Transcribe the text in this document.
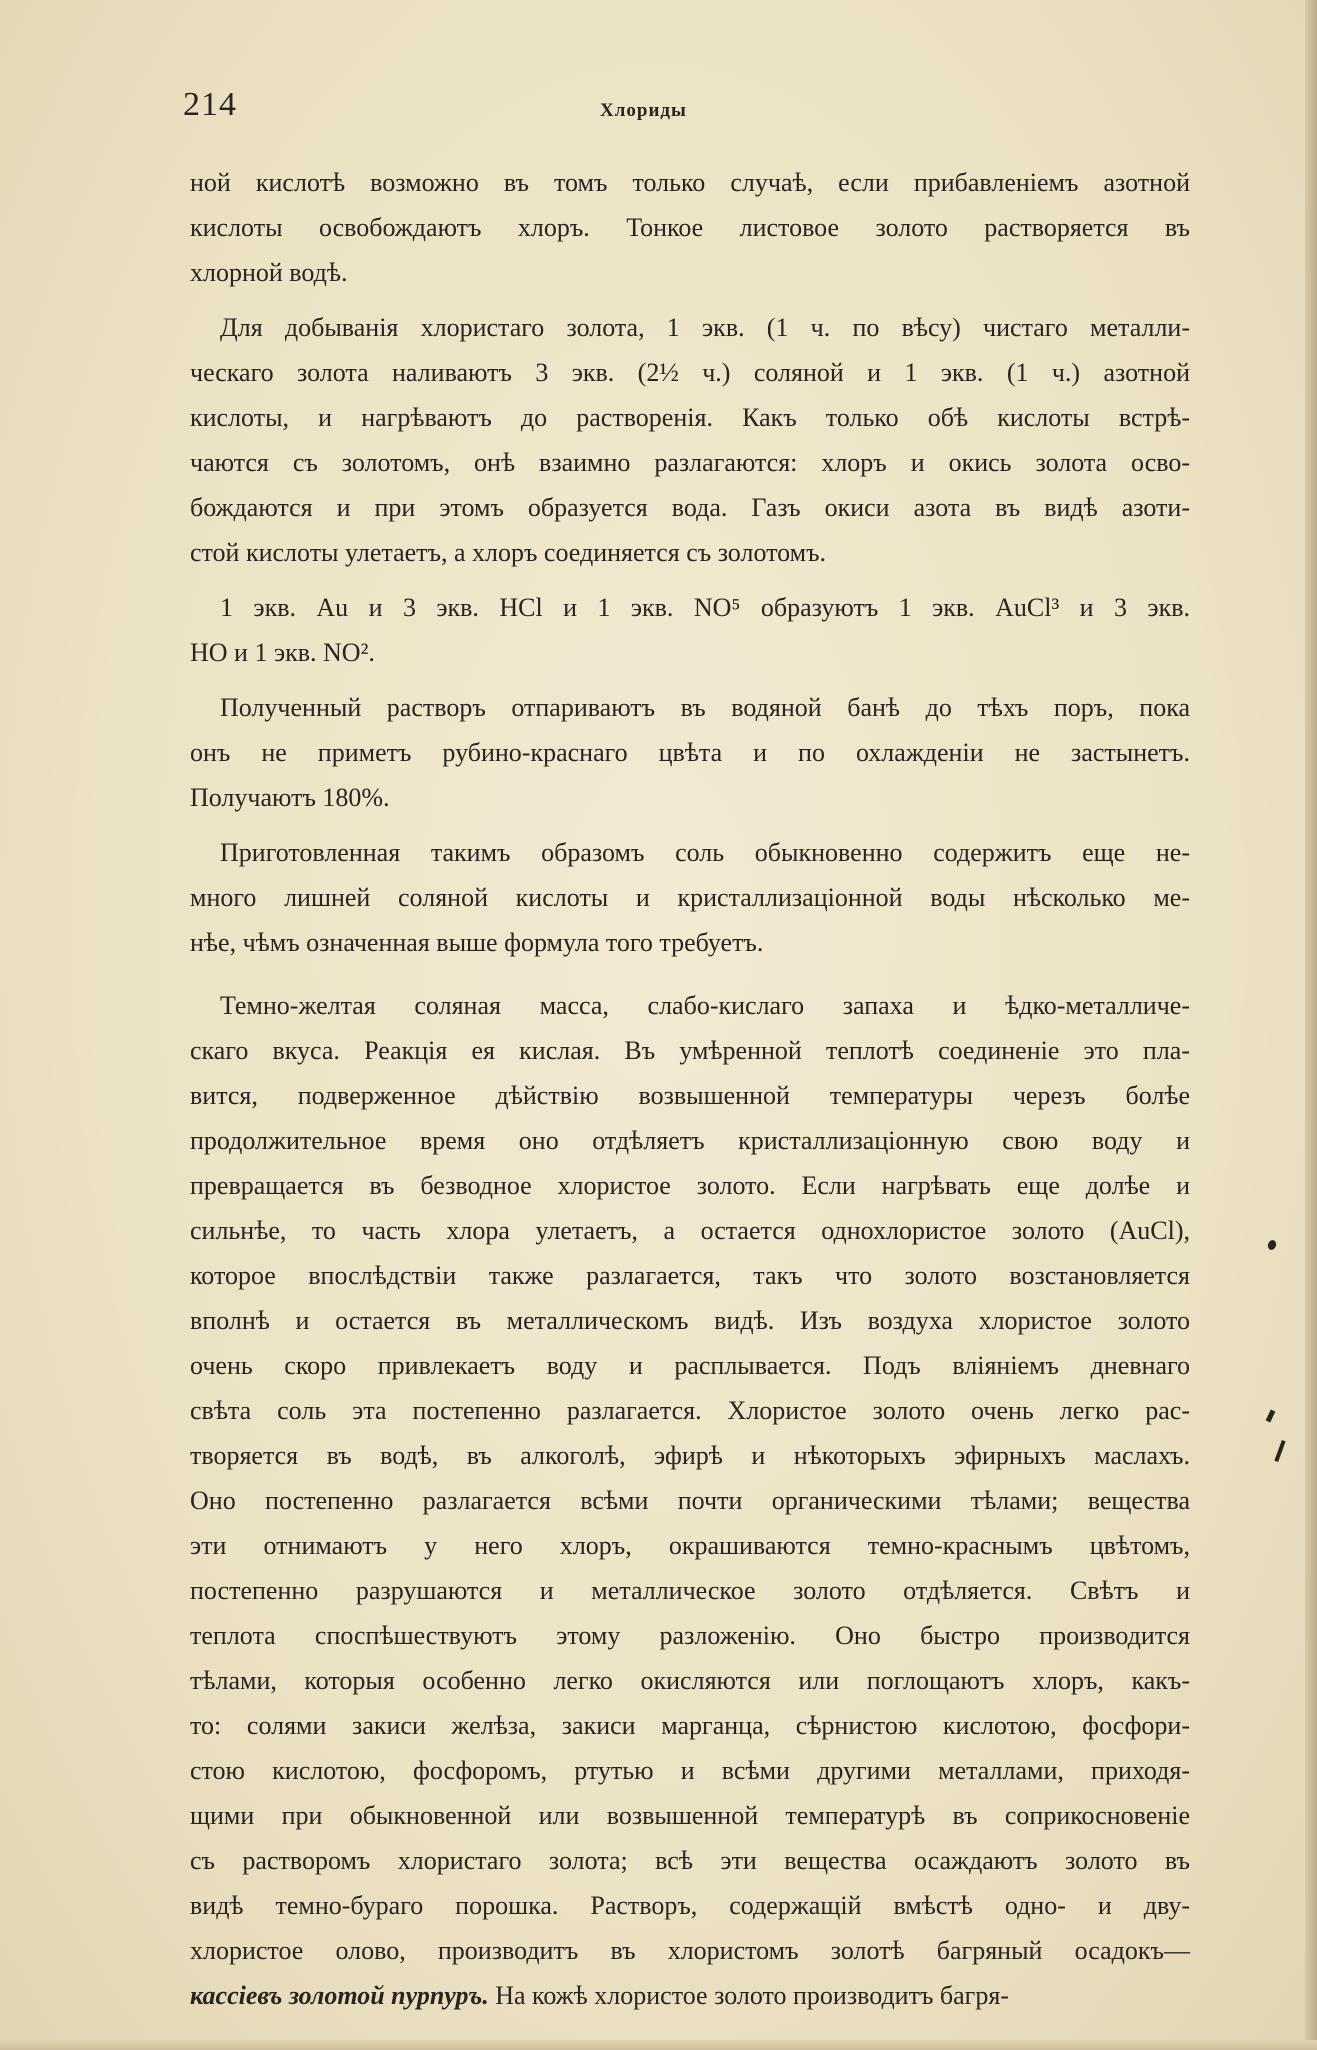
214	Хлориды
ной кислотѣ возможно въ томъ только случаѣ, если прибавленіемъ азотной
кислоты освобождаютъ хлоръ. Тонкое листовое золото растворяется въ
хлорной водѣ.
Для добыванія хлористаго золота, 1 экв. (1 ч. по вѣсу) чистаго металли-
ческаго золота наливаютъ 3 экв. (2½ ч.) соляной и 1 экв. (1 ч.) азотной
кислоты, и нагрѣваютъ до растворенія. Какъ только обѣ кислоты встрѣ-
чаются съ золотомъ, онѣ взаимно разлагаются: хлоръ и окись золота осво-
бождаются и при этомъ образуется вода. Газъ окиси азота въ видѣ азоти-
стой кислоты улетаетъ, а хлоръ соединяется съ золотомъ.
1 экв. Au и 3 экв. HCl и 1 экв. NO⁵ образуютъ 1 экв. AuCl³ и 3 экв.
HO и 1 экв. NO².
Полученный растворъ отпариваютъ въ водяной банѣ до тѣхъ поръ, пока
онъ не приметъ рубино-краснаго цвѣта и по охлажденіи не застынетъ.
Получаютъ 180%.
Приготовленная такимъ образомъ соль обыкновенно содержитъ еще не-
много лишней соляной кислоты и кристаллизаціонной воды нѣсколько ме-
нѣе, чѣмъ означенная выше формула того требуетъ.
Темно-желтая соляная масса, слабо-кислаго запаха и ѣдко-металличе-
скаго вкуса. Реакція ея кислая. Въ умѣренной теплотѣ соединеніе это пла-
вится, подверженное дѣйствію возвышенной температуры черезъ болѣе
продолжительное время оно отдѣляетъ кристаллизаціонную свою воду и
превращается въ безводное хлористое золото. Если нагрѣвать еще долѣе и
сильнѣе, то часть хлора улетаетъ, а остается однохлористое золото (AuCl),
которое впослѣдствіи также разлагается, такъ что золото возстановляется
вполнѣ и остается въ металлическомъ видѣ. Изъ воздуха хлористое золото
очень скоро привлекаетъ воду и расплывается. Подъ вліяніемъ дневнаго
свѣта соль эта постепенно разлагается. Хлористое золото очень легко рас-
творяется въ водѣ, въ алкоголѣ, эфирѣ и нѣкоторыхъ эфирныхъ маслахъ.
Оно постепенно разлагается всѣми почти органическими тѣлами; вещества
эти отнимаютъ у него хлоръ, окрашиваются темно-краснымъ цвѣтомъ,
постепенно разрушаются и металлическое золото отдѣляется. Свѣтъ и
теплота споспѣшествуютъ этому разложенію. Оно быстро производится
тѣлами, которыя особенно легко окисляются или поглощаютъ хлоръ, какъ-
то: солями закиси желѣза, закиси марганца, сѣрнистою кислотою, фосфори-
стою кислотою, фосфоромъ, ртутью и всѣми другими металлами, приходя-
щими при обыкновенной или возвышенной температурѣ въ соприкосновеніе
съ растворомъ хлористаго золота; всѣ эти вещества осаждаютъ золото въ
видѣ темно-бураго порошка. Растворъ, содержащій вмѣстѣ одно- и дву-
хлористое олово, производитъ въ хлористомъ золотѣ багряный осадокъ—
кассіевъ золотой пурпуръ. На кожѣ хлористое золото производитъ багря-
